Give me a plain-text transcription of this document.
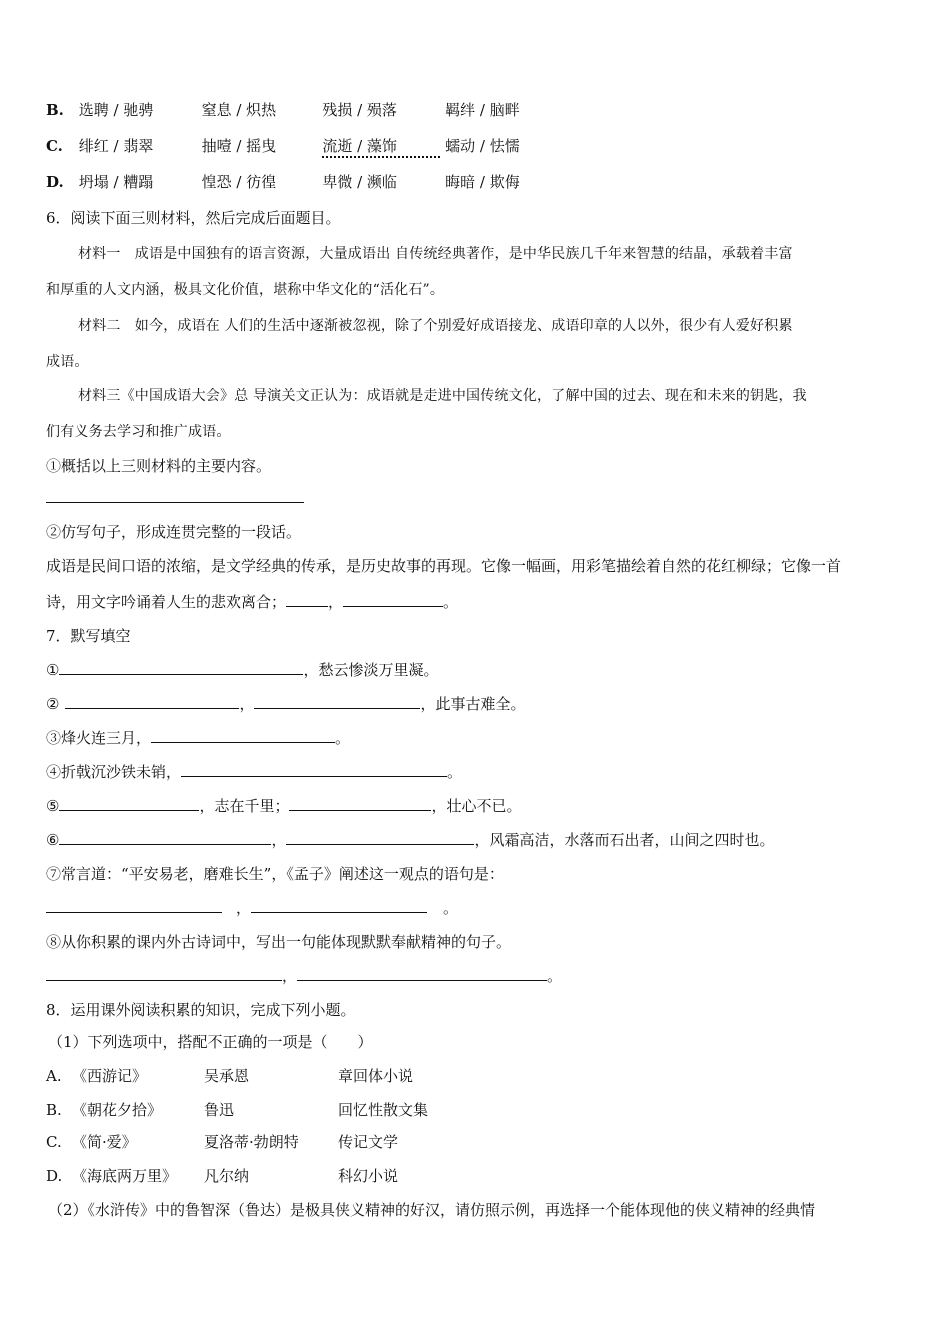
B. 选聘 / 驰骋	窒息 / 炽热	残损 / 殒落	羁绊 / 脑畔
C. 绯红 / 翡翠	抽噎 / 摇曳	流逝 / 藻饰	蠕动 / 怯懦
D. 坍塌 / 糟蹋	惶恐 / 彷徨	卑微 / 濒临	晦暗 / 欺侮
6．阅读下面三则材料，然后完成后面题目。
材料一　成语是中国独有的语言资源，大量成语出 自传统经典著作，是中华民族几千年来智慧的结晶，承载着丰富
和厚重的人文内涵，极具文化价值，堪称中华文化的“活化石”。
材料二　如今，成语在 人们的生活中逐渐被忽视，除了个别爱好成语接龙、成语印章的人以外，很少有人爱好积累
成语。
材料三《中国成语大会》总 导演关文正认为：成语就是走进中国传统文化，了解中国的过去、现在和未来的钥匙，我
们有义务去学习和推广成语。
①概括以上三则材料的主要内容。
②仿写句子，形成连贯完整的一段话。
成语是民间口语的浓缩，是文学经典的传承，是历史故事的再现。它像一幅画，用彩笔描绘着自然的花红柳绿；它像一首
诗，用文字吟诵着人生的悲欢离合；	，	。
7．默写填空
①	，愁云惨淡万里凝。
②	，	，此事古难全。
③烽火连三月，	。
④折戟沉沙铁未销，	。
⑤	，志在千里；	，壮心不已。
⑥	，	，风霜高洁，水落而石出者，山间之四时也。
⑦常言道：“平安易老，磨难长生”，《孟子》阐述这一观点的语句是：
，	。
⑧从你积累的课内外古诗词中，写出一句能体现默默奉献精神的句子。
，	。
8．运用课外阅读积累的知识，完成下列小题。
（1）下列选项中，搭配不正确的一项是（　　）
A. 《西游记》	吴承恩	章回体小说
B. 《朝花夕拾》	鲁迅	回忆性散文集
C. 《简·爱》	夏洛蒂·勃朗特	传记文学
D. 《海底两万里》 凡尔纳	科幻小说
（2）《水浒传》中的鲁智深（鲁达）是极具侠义精神的好汉，请仿照示例，再选择一个能体现他的侠义精神的经典情
